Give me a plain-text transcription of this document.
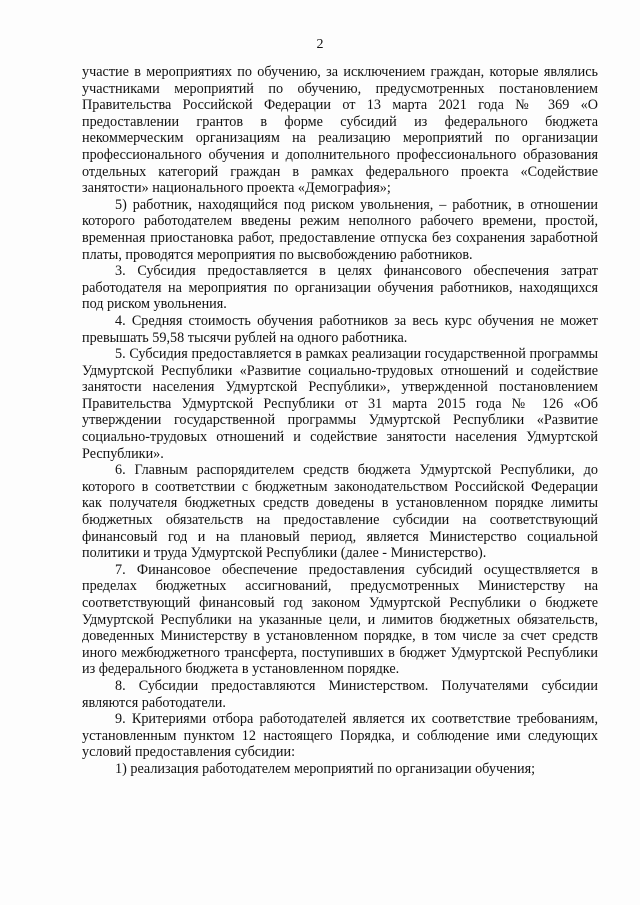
2

участие в мероприятиях по обучению, за исключением граждан, которые являлись участниками мероприятий по обучению, предусмотренных постановлением Правительства Российской Федерации от 13 марта 2021 года № 369 «О предоставлении грантов в форме субсидий из федерального бюджета некоммерческим организациям на реализацию мероприятий по организации профессионального обучения и дополнительного профессионального образования отдельных категорий граждан в рамках федерального проекта «Содействие занятости» национального проекта «Демография»;

5) работник, находящийся под риском увольнения, – работник, в отношении которого работодателем введены режим неполного рабочего времени, простой, временная приостановка работ, предоставление отпуска без сохранения заработной платы, проводятся мероприятия по высвобождению работников.

3. Субсидия предоставляется в целях финансового обеспечения затрат работодателя на мероприятия по организации обучения работников, находящихся под риском увольнения.

4. Средняя стоимость обучения работников за весь курс обучения не может превышать 59,58 тысячи рублей на одного работника.

5. Субсидия предоставляется в рамках реализации государственной программы Удмуртской Республики «Развитие социально-трудовых отношений и содействие занятости населения Удмуртской Республики», утвержденной постановлением Правительства Удмуртской Республики от 31 марта 2015 года № 126 «Об утверждении государственной программы Удмуртской Республики «Развитие социально-трудовых отношений и содействие занятости населения Удмуртской Республики».

6. Главным распорядителем средств бюджета Удмуртской Республики, до которого в соответствии с бюджетным законодательством Российской Федерации как получателя бюджетных средств доведены в установленном порядке лимиты бюджетных обязательств на предоставление субсидии на соответствующий финансовый год и на плановый период, является Министерство социальной политики и труда Удмуртской Республики (далее - Министерство).

7. Финансовое обеспечение предоставления субсидий осуществляется в пределах бюджетных ассигнований, предусмотренных Министерству на соответствующий финансовый год законом Удмуртской Республики о бюджете Удмуртской Республики на указанные цели, и лимитов бюджетных обязательств, доведенных Министерству в установленном порядке, в том числе за счет средств иного межбюджетного трансферта, поступивших в бюджет Удмуртской Республики из федерального бюджета в установленном порядке.

8. Субсидии предоставляются Министерством. Получателями субсидии являются работодатели.

9. Критериями отбора работодателей является их соответствие требованиям, установленным пунктом 12 настоящего Порядка, и соблюдение ими следующих условий предоставления субсидии:

1) реализация работодателем мероприятий по организации обучения;
